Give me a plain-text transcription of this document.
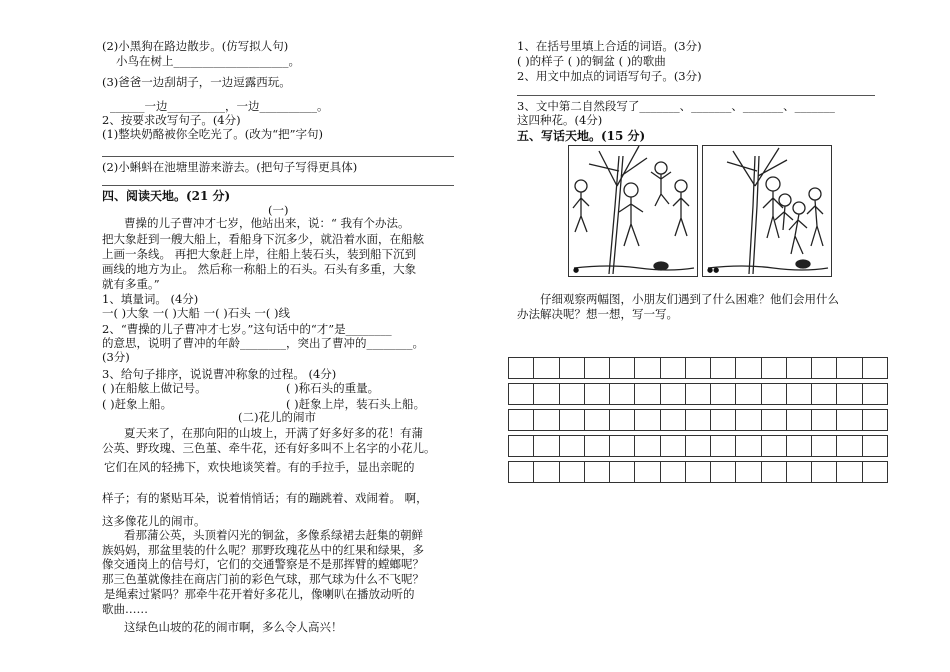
(2)小黑狗在路边散步。(仿写拟人句)
小鸟在树上____________________。
(3)爸爸一边刮胡子，一边逗露西玩。
______一边__________，一边__________。
2、按要求改写句子。(4分)
(1)整块奶酪被你全吃光了。(改为“把”字句)
(2)小蝌蚪在池塘里游来游去。(把句子写得更具体)
四、阅读天地。(21 分)
(一)
曹操的儿子曹冲才七岁，他站出来，说：“ 我有个办法。
把大象赶到一艘大船上，看船身下沉多少，就沿着水面，在船舷
上画一条线。 再把大象赶上岸，往船上装石头，装到船下沉到
画线的地方为止。 然后称一称船上的石头。石头有多重，大象
就有多重。”
1、填量词。 (4分)
一( )大象 一( )大船 一( )石头 一( )线
2、“曹操的儿子曹冲才七岁。”这句话中的“才”是________
的意思，说明了曹冲的年龄________，突出了曹冲的________。
(3分)
3、给句子排序，说说曹冲称象的过程。 (4分)
( )在船舷上做记号。	( )称石头的重量。
( )赶象上船。	( )赶象上岸，装石头上船。
(二)花儿的闹市
夏天来了，在那向阳的山坡上，开满了好多好多的花！有蒲
公英、野玫瑰、三色堇、牵牛花，还有好多叫不上名字的小花儿。
它们在风的轻拂下，欢快地谈笑着。有的手拉手，显出亲昵的
样子；有的紧贴耳朵，说着悄悄话；有的蹦跳着、戏闹着。 啊，
这多像花儿的闹市。
看那蒲公英，头顶着闪光的铜盆，多像系绿裙去赶集的朝鲜
族妈妈，那盆里装的什么呢？那野玫瑰花丛中的红果和绿果，多
像交通岗上的信号灯，它们的交通警察是不是那挥臂的螳螂呢？
那三色堇就像挂在商店门前的彩色气球，那气球为什么不飞呢？
是绳索过紧吗？那牵牛花开着好多花儿，像喇叭在播放动听的
歌曲……
这绿色山坡的花的闹市啊，多么令人高兴！
1、在括号里填上合适的词语。(3分)
( )的样子 ( )的铜盆 ( )的歌曲
2、用文中加点的词语写句子。(3分)
3、文中第二自然段写了_______、_______、_______、_______
这四种花。(4分)
五、写话天地。(15 分)
●	●●
仔细观察两幅图，小朋友们遇到了什么困难？他们会用什么
办法解决呢？想一想，写一写。
